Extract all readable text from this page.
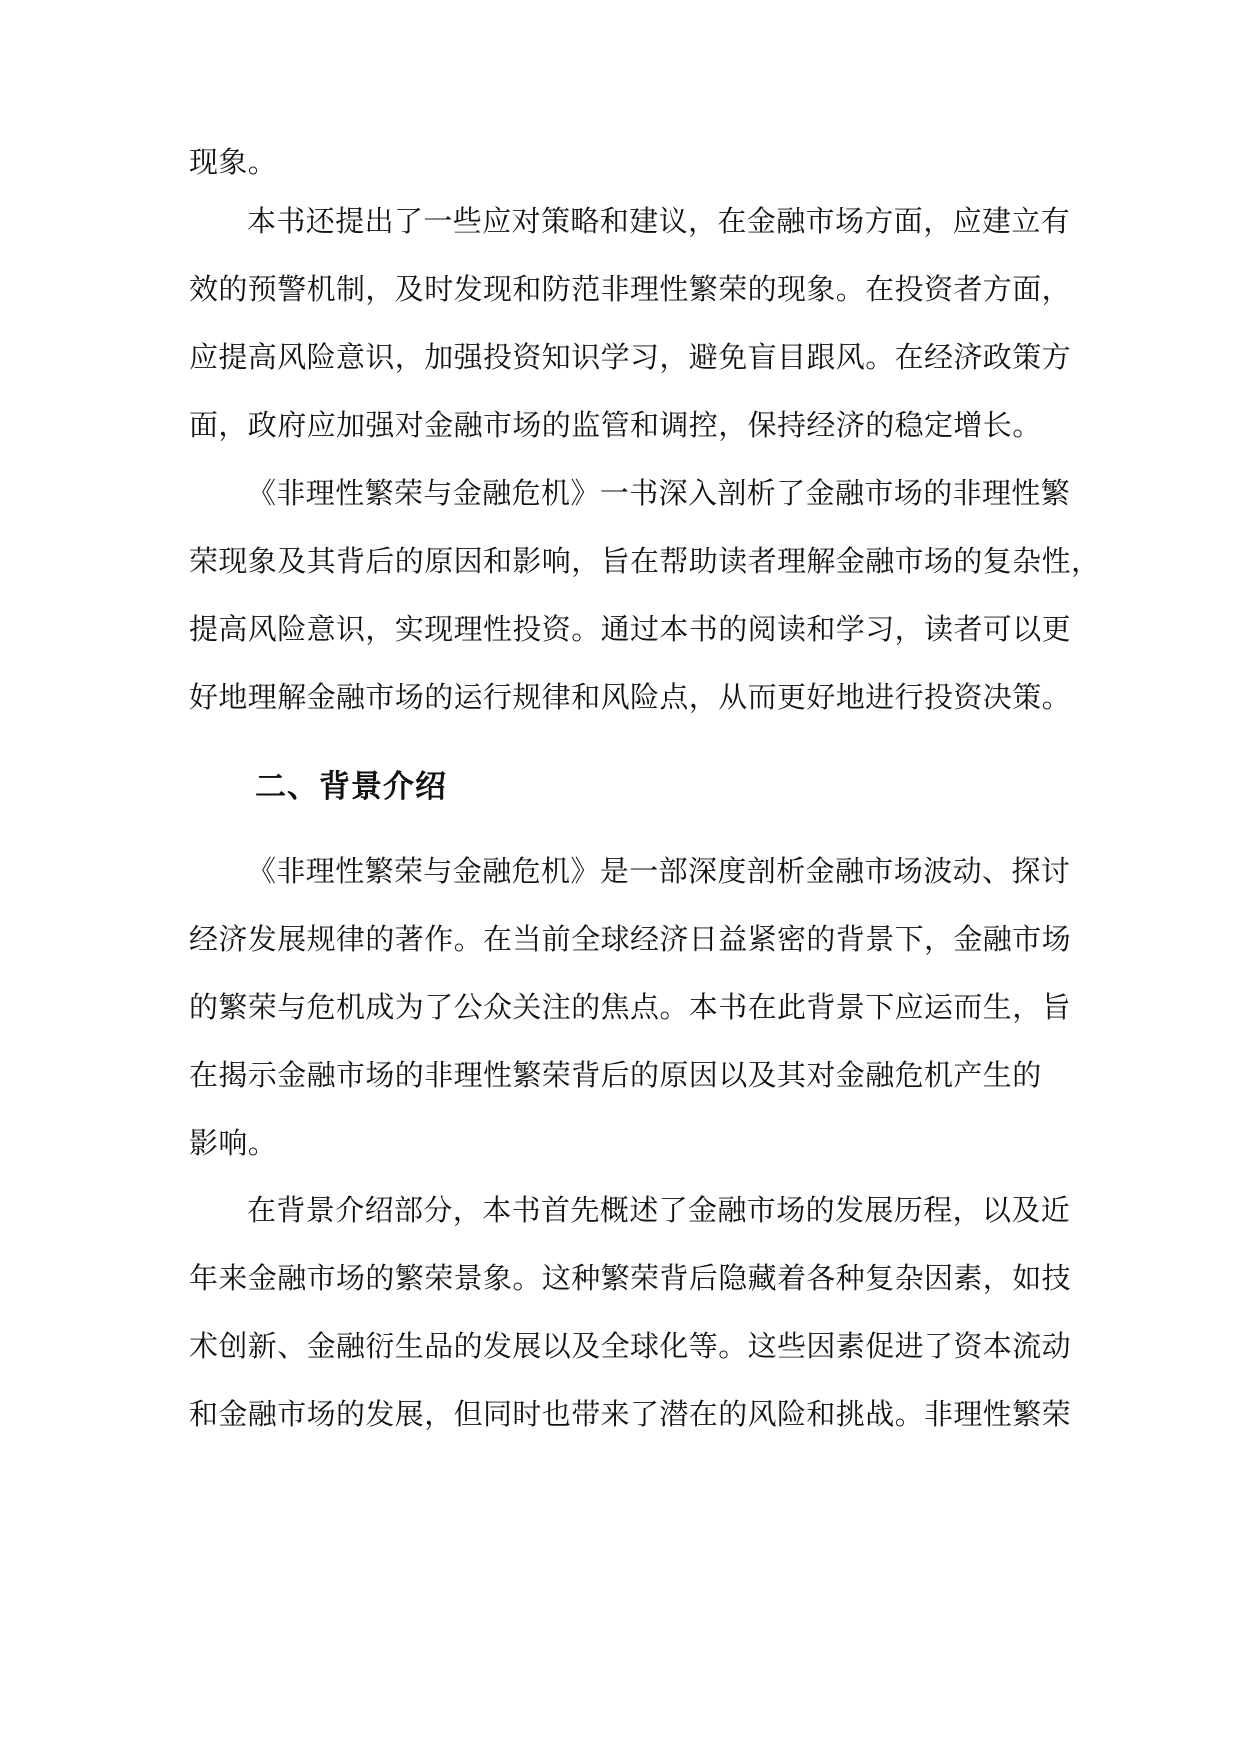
现象。
本书还提出了一些应对策略和建议，在金融市场方面，应建立有
效的预警机制，及时发现和防范非理性繁荣的现象。在投资者方面，
应提高风险意识，加强投资知识学习，避免盲目跟风。在经济政策方
面，政府应加强对金融市场的监管和调控，保持经济的稳定增长。
《非理性繁荣与金融危机》一书深入剖析了金融市场的非理性繁
荣现象及其背后的原因和影响，旨在帮助读者理解金融市场的复杂性，
提高风险意识，实现理性投资。通过本书的阅读和学习，读者可以更
好地理解金融市场的运行规律和风险点，从而更好地进行投资决策。
二、背景介绍
《非理性繁荣与金融危机》是一部深度剖析金融市场波动、探讨
经济发展规律的著作。在当前全球经济日益紧密的背景下，金融市场
的繁荣与危机成为了公众关注的焦点。本书在此背景下应运而生，旨
在揭示金融市场的非理性繁荣背后的原因以及其对金融危机产生的
影响。
在背景介绍部分，本书首先概述了金融市场的发展历程，以及近
年来金融市场的繁荣景象。这种繁荣背后隐藏着各种复杂因素，如技
术创新、金融衍生品的发展以及全球化等。这些因素促进了资本流动
和金融市场的发展，但同时也带来了潜在的风险和挑战。非理性繁荣
